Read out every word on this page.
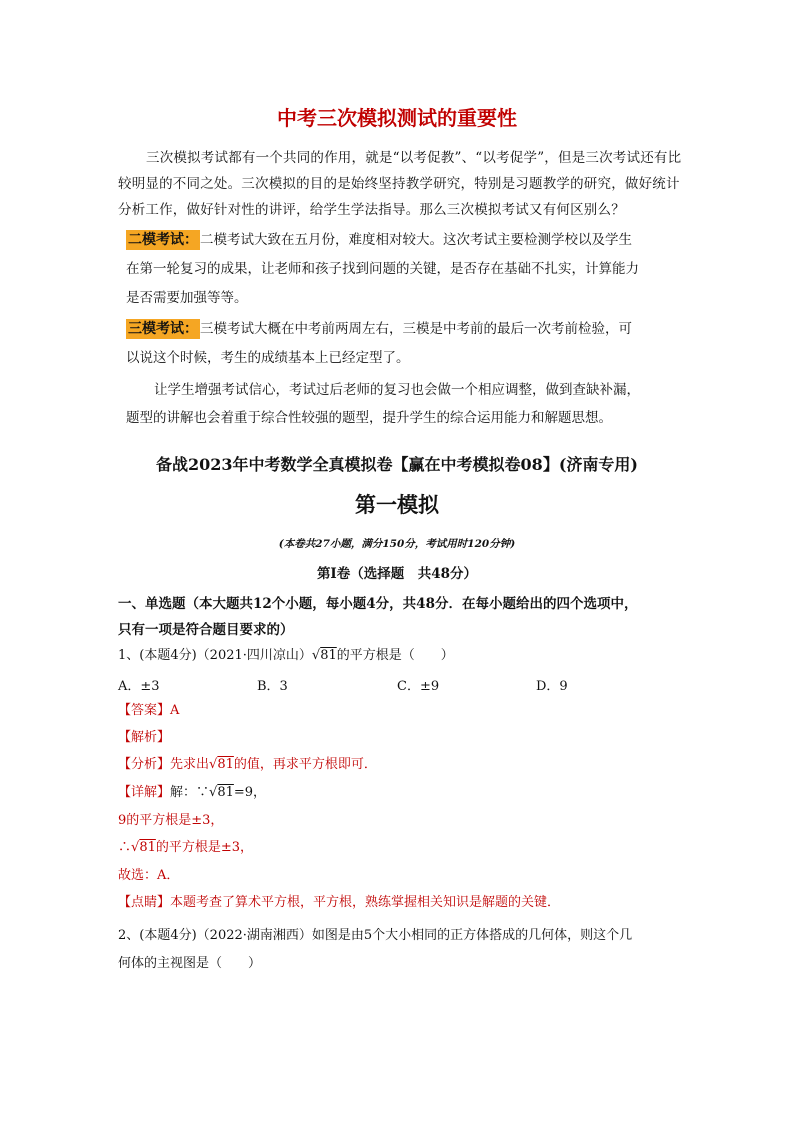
中考三次模拟测试的重要性
三次模拟考试都有一个共同的作用，就是“以考促教”、“以考促学”，但是三次考试还有比较明显的不同之处。三次模拟的目的是始终坚持教学研究，特别是习题教学的研究，做好统计分析工作，做好针对性的讲评，给学生学法指导。那么三次模拟考试又有何区别么？
二模考试： 二模考试大致在五月份，难度相对较大。这次考试主要检测学校以及学生
在第一轮复习的成果，让老师和孩子找到问题的关键，是否存在基础不扎实，计算能力
是否需要加强等等。
三模考试： 三模考试大概在中考前两周左右，三模是中考前的最后一次考前检验，可
以说这个时候，考生的成绩基本上已经定型了。
让学生增强考试信心，考试过后老师的复习也会做一个相应调整，做到查缺补漏，
题型的讲解也会着重于综合性较强的题型，提升学生的综合运用能力和解题思想。
备战2023年中考数学全真模拟卷【赢在中考模拟卷08】(济南专用)
第一模拟
(本卷共27小题，满分150分，考试用时120分钟)
第Ⅰ卷（选择题　共48分）
一、单选题（本大题共12个小题，每小题4分，共48分．在每小题给出的四个选项中，
只有一项是符合题目要求的）
1、(本题4分)（2021·四川凉山）√81的平方根是（　　）
A．±3	B．3	C．±9	D．9
【答案】A
【解析】
【分析】先求出√81的值，再求平方根即可．
【详解】解：∵√81=9，
9的平方根是±3，
∴√81的平方根是±3，
故选：A．
【点睛】本题考查了算术平方根，平方根，熟练掌握相关知识是解题的关键．
2、(本题4分)（2022·湖南湘西）如图是由5个大小相同的正方体搭成的几何体，则这个几
何体的主视图是（　　）
